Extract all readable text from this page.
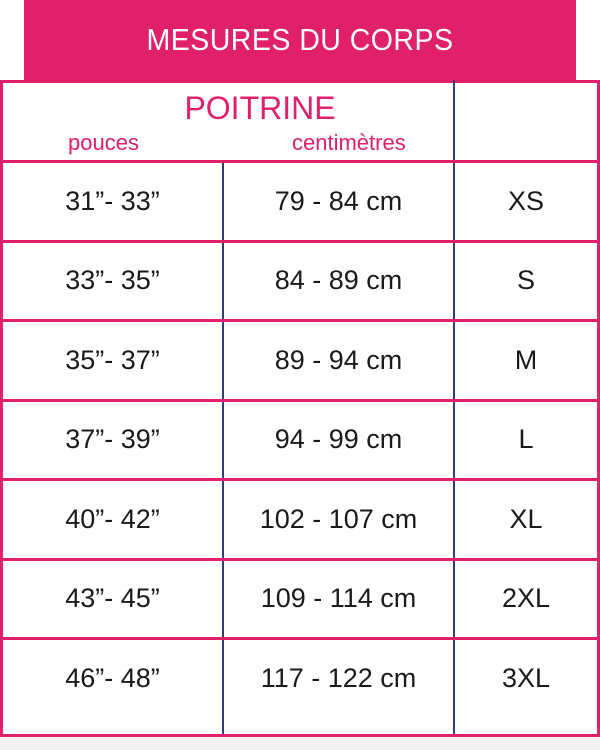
MESURES DU CORPS
POITRINE
pouces	centimètres
31”- 33”	79 - 84 cm	XS
33”- 35”	84 - 89 cm	S
35”- 37”	89 - 94 cm	M
37”- 39”	94 - 99 cm	L
40”- 42”	102 - 107 cm	XL
43”- 45”	109 - 114 cm	2XL
46”- 48”	117 - 122 cm	3XL
